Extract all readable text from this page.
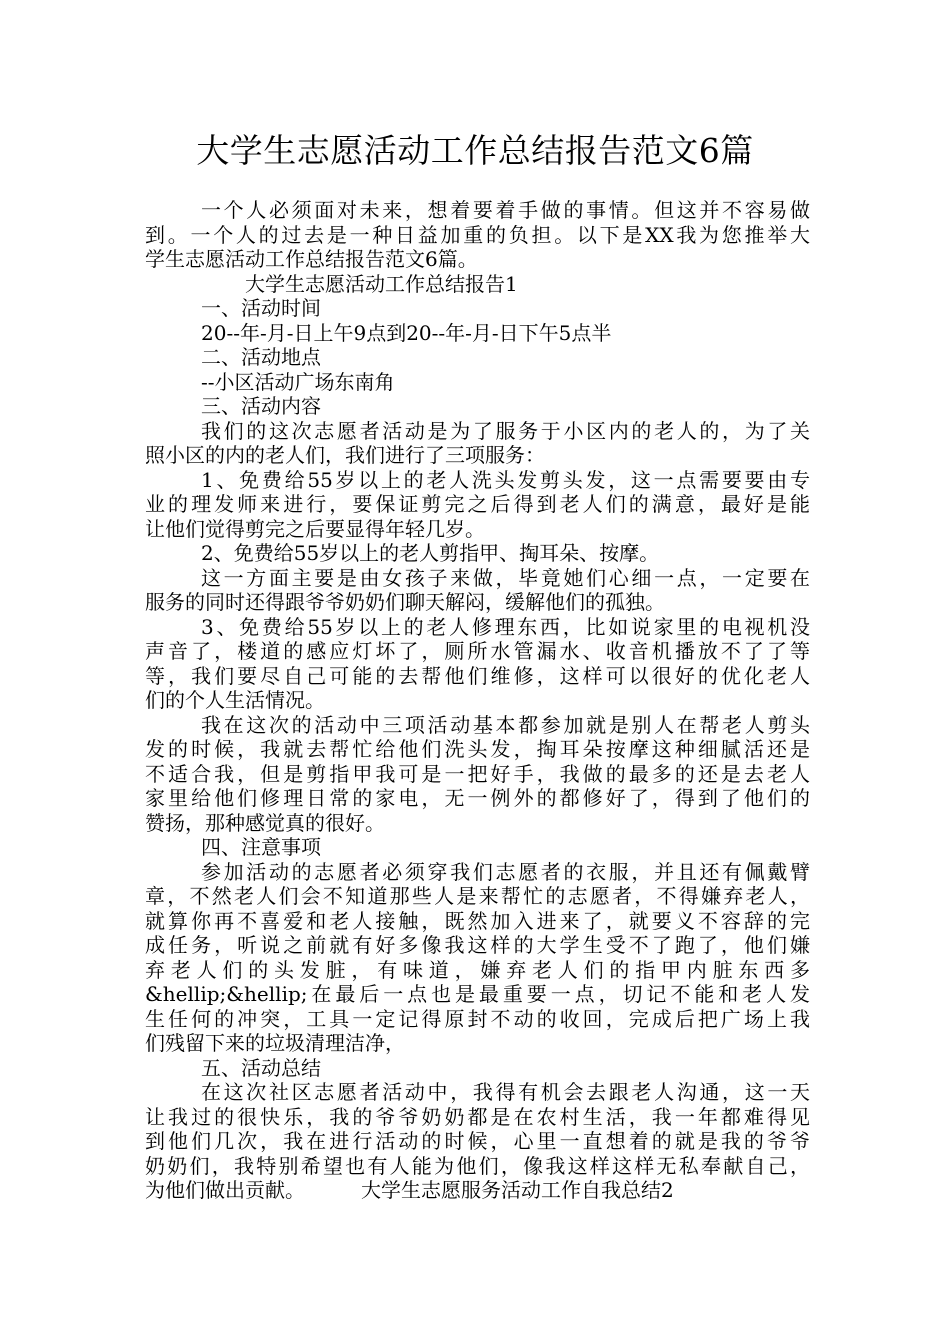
大学生志愿活动工作总结报告范文6篇
一个人必须面对未来，想着要着手做的事情。但这并不容易做
到。一个人的过去是一种日益加重的负担。以下是XX我为您推举大
学生志愿活动工作总结报告范文6篇。
大学生志愿活动工作总结报告1
一、活动时间
20--年-月-日上午9点到20--年-月-日下午5点半
二、活动地点
--小区活动广场东南角
三、活动内容
我们的这次志愿者活动是为了服务于小区内的老人的，为了关
照小区的内的老人们，我们进行了三项服务：
1、免费给55岁以上的老人洗头发剪头发，这一点需要要由专
业的理发师来进行，要保证剪完之后得到老人们的满意，最好是能
让他们觉得剪完之后要显得年轻几岁。
2、免费给55岁以上的老人剪指甲、掏耳朵、按摩。
这一方面主要是由女孩子来做，毕竟她们心细一点，一定要在
服务的同时还得跟爷爷奶奶们聊天解闷，缓解他们的孤独。
3、免费给55岁以上的老人修理东西，比如说家里的电视机没
声音了，楼道的感应灯坏了，厕所水管漏水、收音机播放不了了等
等，我们要尽自己可能的去帮他们维修，这样可以很好的优化老人
们的个人生活情况。
我在这次的活动中三项活动基本都参加就是别人在帮老人剪头
发的时候，我就去帮忙给他们洗头发，掏耳朵按摩这种细腻活还是
不适合我，但是剪指甲我可是一把好手，我做的最多的还是去老人
家里给他们修理日常的家电，无一例外的都修好了，得到了他们的
赞扬，那种感觉真的很好。
四、注意事项
参加活动的志愿者必须穿我们志愿者的衣服，并且还有佩戴臂
章，不然老人们会不知道那些人是来帮忙的志愿者，不得嫌弃老人，
就算你再不喜爱和老人接触，既然加入进来了，就要义不容辞的完
成任务，听说之前就有好多像我这样的大学生受不了跑了，他们嫌
弃老人们的头发脏，有味道，嫌弃老人们的指甲内脏东西多
&hellip;&hellip;在最后一点也是最重要一点，切记不能和老人发
生任何的冲突，工具一定记得原封不动的收回，完成后把广场上我
们残留下来的垃圾清理洁净，
五、活动总结
在这次社区志愿者活动中，我得有机会去跟老人沟通，这一天
让我过的很快乐，我的爷爷奶奶都是在农村生活，我一年都难得见
到他们几次，我在进行活动的时候，心里一直想着的就是我的爷爷
奶奶们，我特别希望也有人能为他们，像我这样这样无私奉献自己，
为他们做出贡献。	大学生志愿服务活动工作自我总结2
